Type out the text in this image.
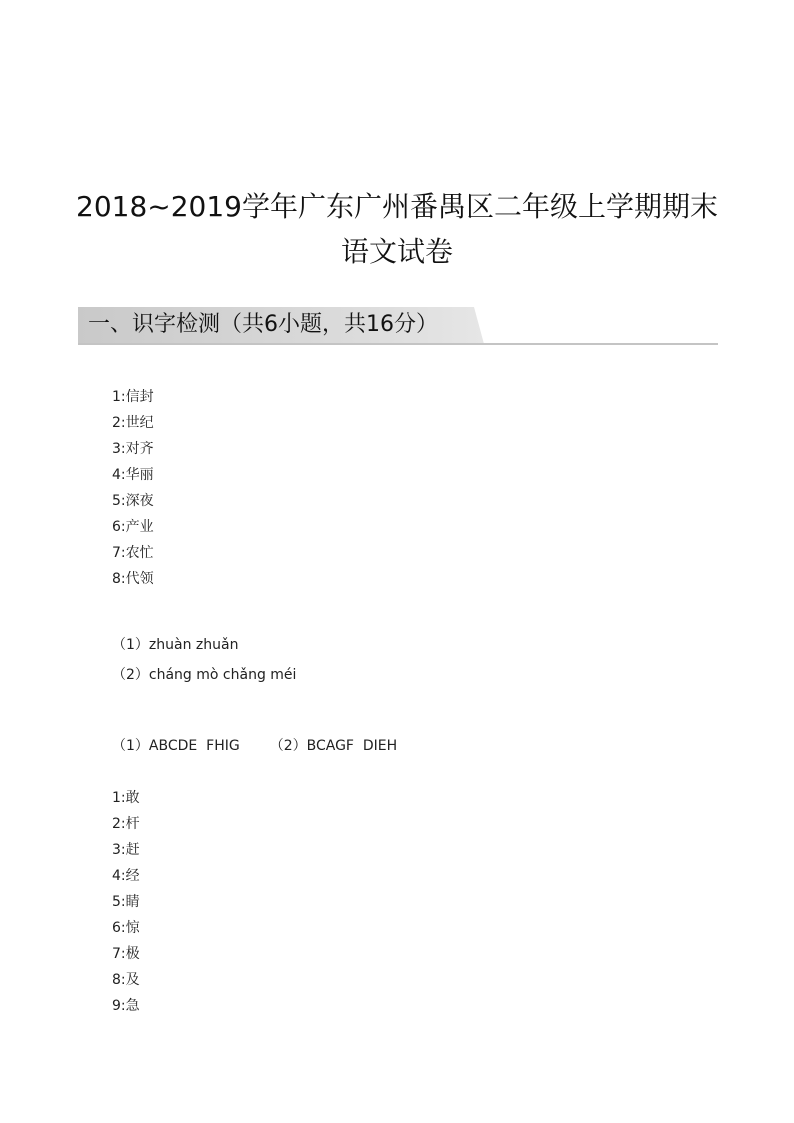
2018~2019学年广东广州番禺区二年级上学期期末
语文试卷
一、识字检测（共6小题，共16分）
1:信封
2:世纪
3:对齐
4:华丽
5:深夜
6:产业
7:农忙
8:代领
（1）zhuàn zhuǎn
（2）cháng mò chǎng méi
（1）ABCDE  FHIG （2）BCAGF  DIEH
1:敢
2:杆
3:赶
4:经
5:睛
6:惊
7:极
8:及
9:急
